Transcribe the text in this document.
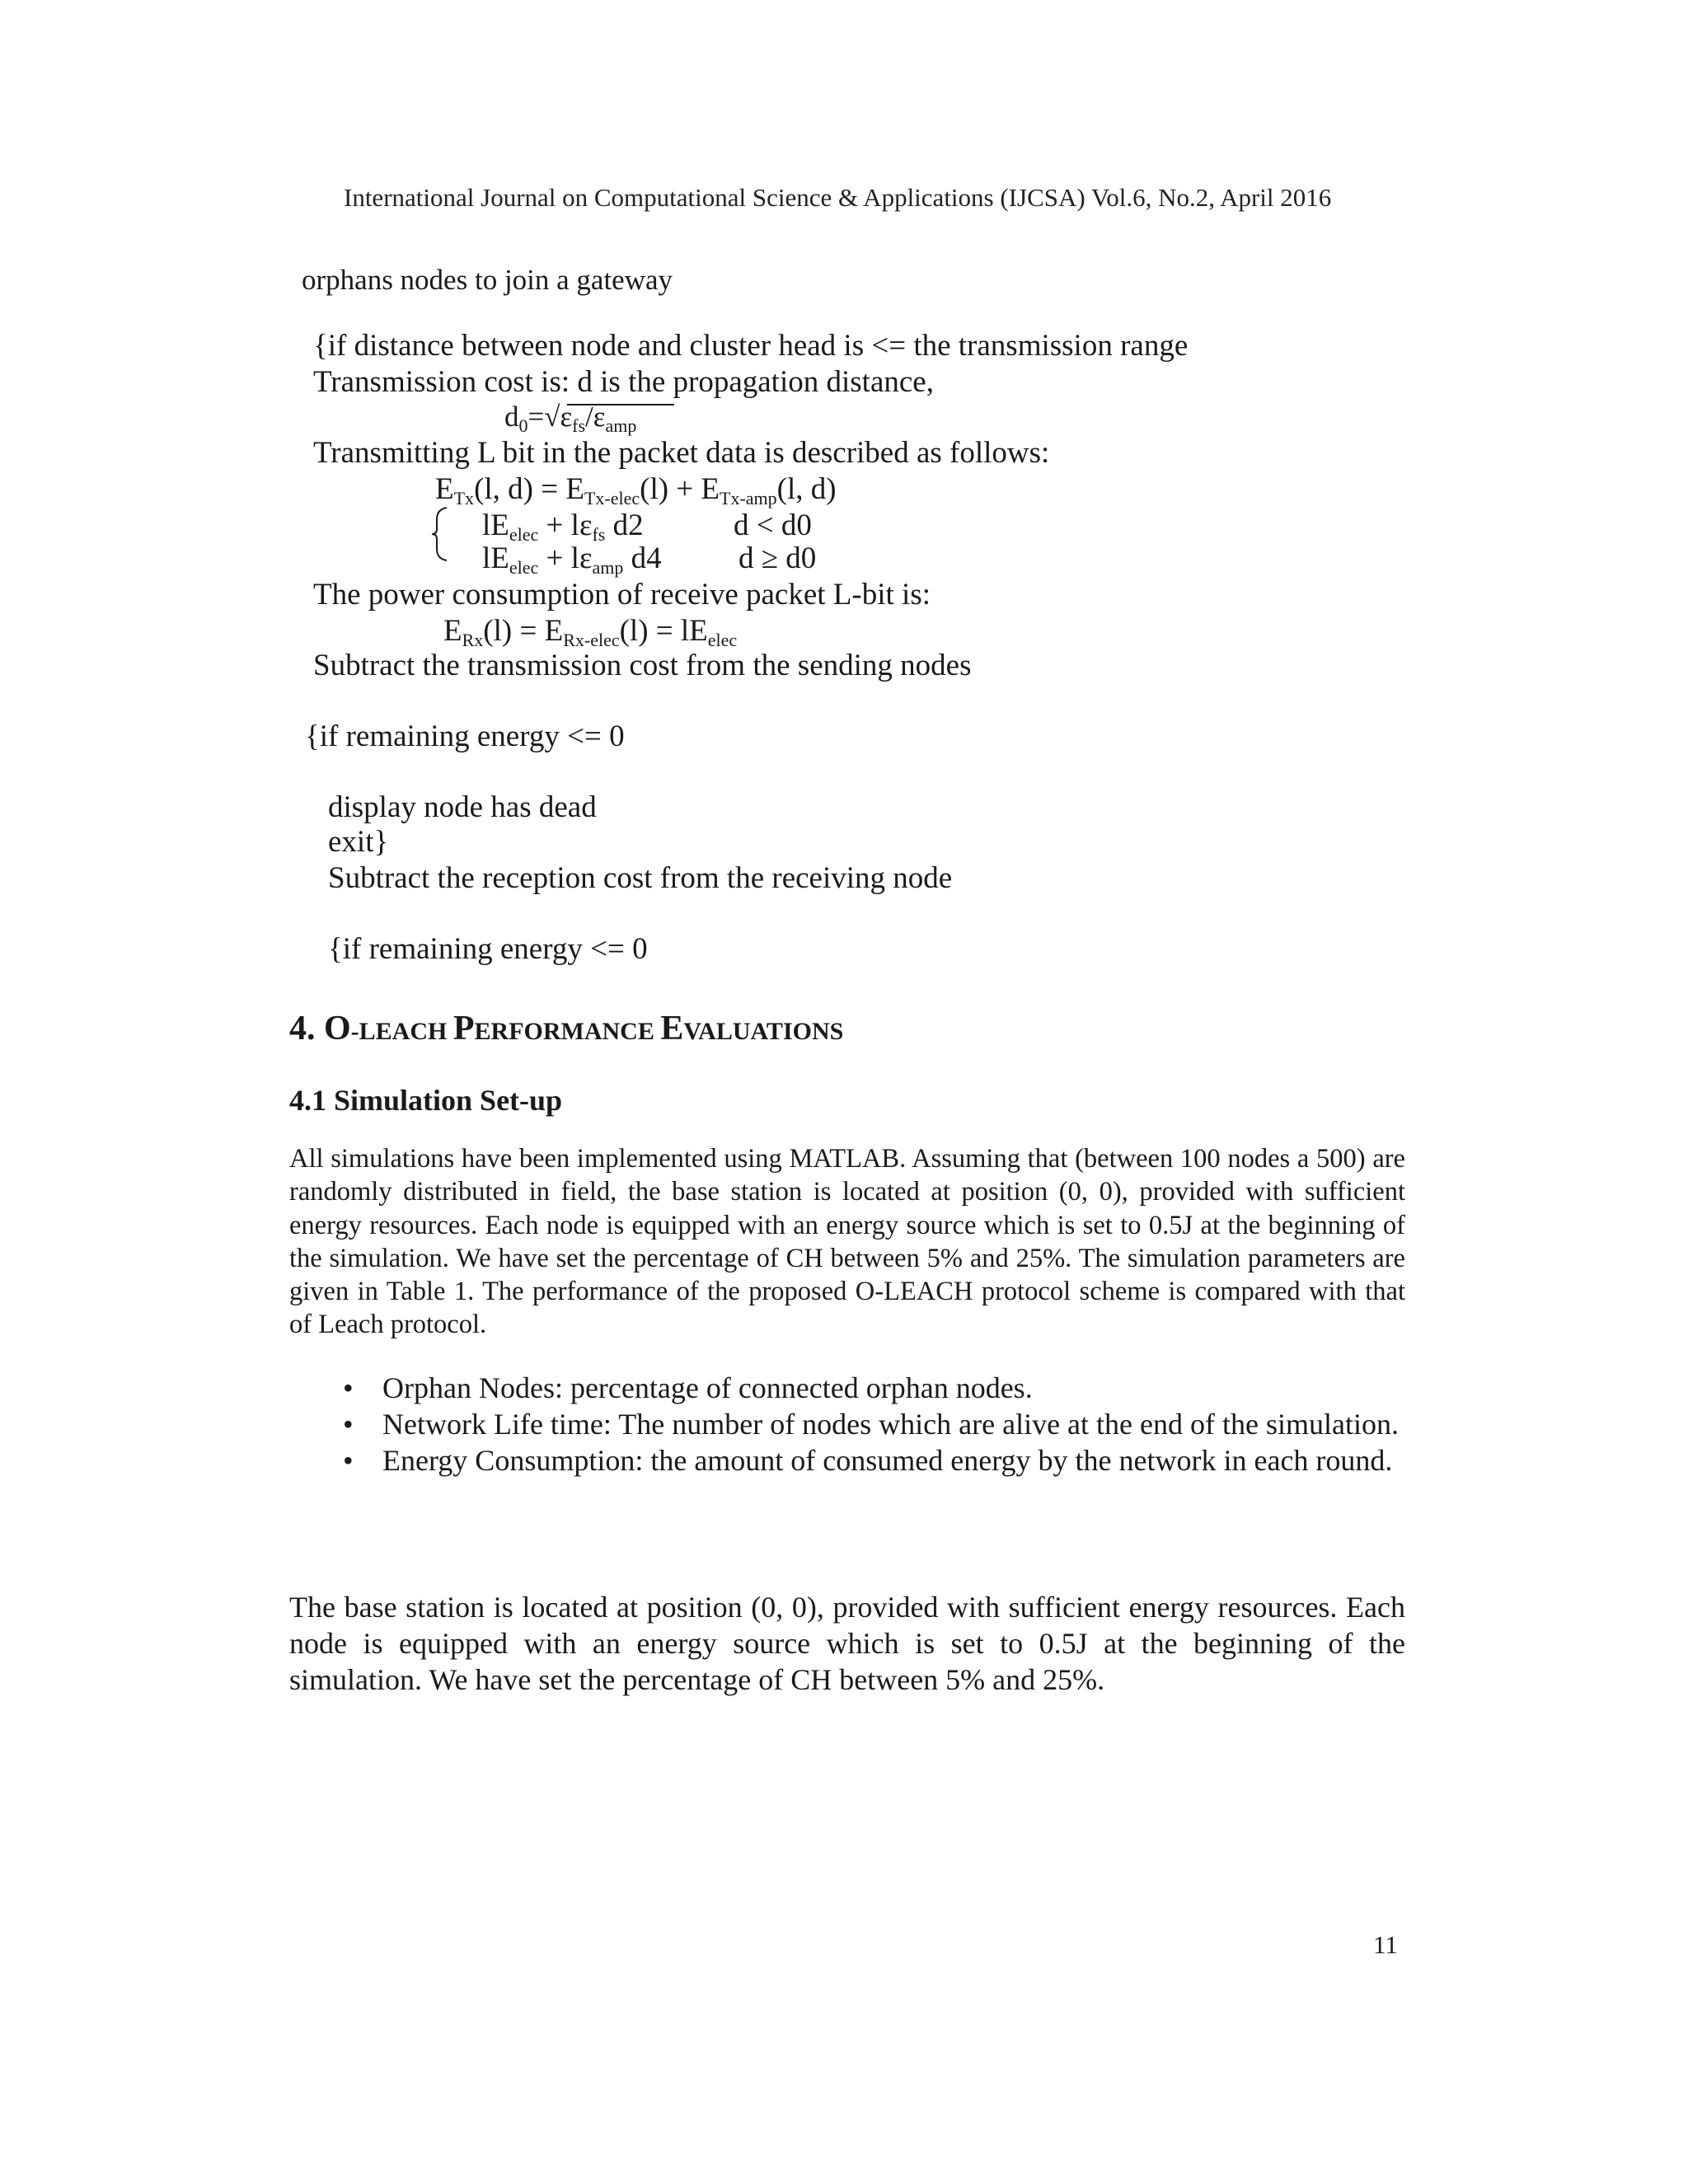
International Journal on Computational Science & Applications (IJCSA) Vol.6, No.2, April 2016
orphans nodes to join a gateway
{if distance between node and cluster head is <= the transmission range
Transmission cost is: d is the propagation distance,
$d_0=√\varepsilon_{fs}/\varepsilon_{amp}$
Transmitting L bit in the packet data is described as follows:
$E_{Tx}(l$, $d) = E_{Tx-elec}(l) + E_{Tx-amp}(l$, d)
$lE_{elec} + l\varepsilon_{fs}$ d2	d < d0
$lE_{elec} + l\varepsilon_{amp}$ d4	d ≥ d0
The power consumption of receive packet L-bit is:
$E_{Rx}(l) = E_{Rx-elec}(l) = lE_{elec}$
Subtract the transmission cost from the sending nodes
{if remaining energy <= 0
display node has dead
exit}
Subtract the reception cost from the receiving node
{if remaining energy <= 0
4. O-LEACH PERFORMANCE EVALUATIONS
4.1 Simulation Set-up
All simulations have been implemented using MATLAB. Assuming that (between 100 nodes a 500) are randomly distributed in field, the base station is located at position (0, 0), provided with sufficient energy resources. Each node is equipped with an energy source which is set to 0.5J at the beginning of the simulation. We have set the percentage of CH between 5% and 25%. The simulation parameters are given in Table 1. The performance of the proposed O-LEACH protocol scheme is compared with that of Leach protocol.
• Orphan Nodes: percentage of connected orphan nodes.
• Network Life time: The number of nodes which are alive at the end of the simulation.
• Energy Consumption: the amount of consumed energy by the network in each round.
The base station is located at position (0, 0), provided with sufficient energy resources. Each node is equipped with an energy source which is set to 0.5J at the beginning of the simulation. We have set the percentage of CH between 5% and 25%.
11
